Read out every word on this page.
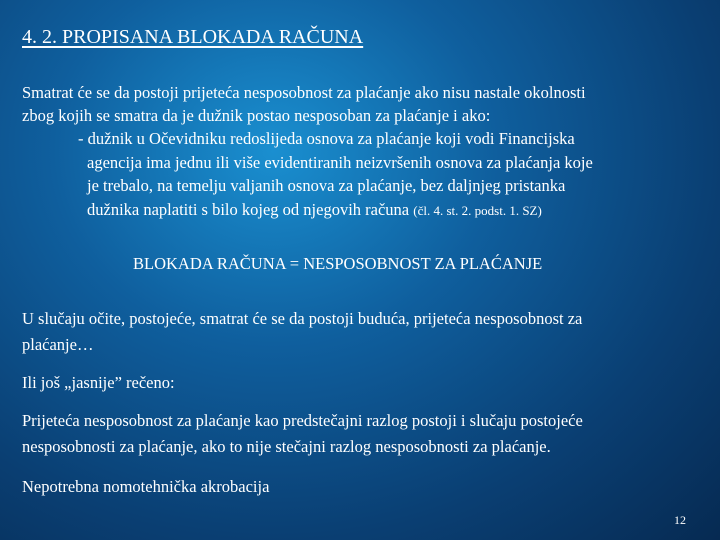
4. 2. PROPISANA BLOKADA RAČUNA
Smatrat će se da postoji prijeteća nesposobnost za plaćanje ako nisu nastale okolnosti
zbog kojih se smatra da je dužnik postao nesposoban za plaćanje i ako:
- dužnik u Očevidniku redoslijeda osnova za plaćanje koji vodi Financijska
agencija ima jednu ili više evidentiranih neizvršenih osnova za plaćanja koje
je trebalo, na temelju valjanih osnova za plaćanje, bez daljnjeg pristanka
dužnika naplatiti s bilo kojeg od njegovih računa (čl. 4. st. 2. podst. 1. SZ)
BLOKADA RAČUNA = NESPOSOBNOST ZA PLAĆANJE
U slučaju očite, postojeće, smatrat će se da postoji buduća, prijeteća nesposobnost za
plaćanje…
Ili još „jasnije” rečeno:
Prijeteća nesposobnost za plaćanje kao predstečajni razlog postoji i slučaju postojeće
nesposobnosti za plaćanje, ako to nije stečajni razlog nesposobnosti za plaćanje.
Nepotrebna nomotehnička akrobacija
12
